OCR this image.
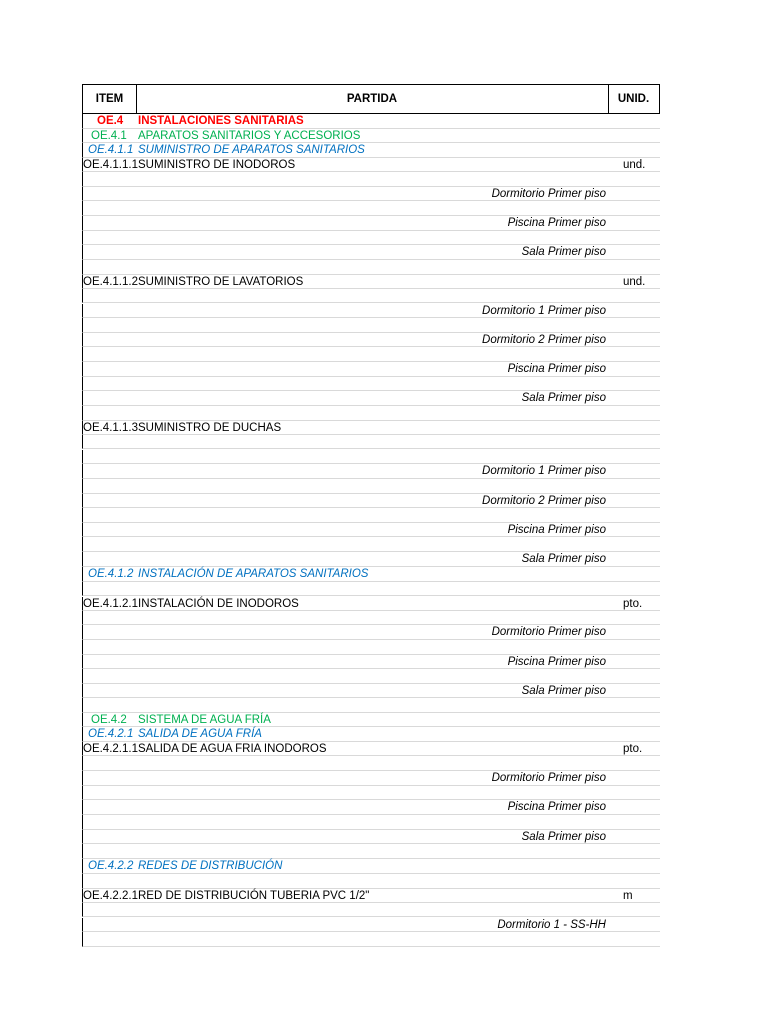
ITEM	PARTIDA	UNID.
OE.4 INSTALACIONES SANITARIAS
OE.4.1 APARATOS SANITARIOS Y ACCESORIOS
OE.4.1.1 SUMINISTRO DE APARATOS SANITARIOS
OE.4.1.1.1 SUMINISTRO DE INODOROS	und.
Dormitorio Primer piso
Piscina Primer piso
Sala Primer piso
OE.4.1.1.2 SUMINISTRO DE LAVATORIOS	und.
Dormitorio 1 Primer piso
Dormitorio 2 Primer piso
Piscina Primer piso
Sala Primer piso
OE.4.1.1.3 SUMINISTRO DE DUCHAS
Dormitorio 1 Primer piso
Dormitorio 2 Primer piso
Piscina Primer piso
Sala Primer piso
OE.4.1.2 INSTALACIÓN DE APARATOS SANITARIOS
OE.4.1.2.1 INSTALACIÓN DE INODOROS	pto.
Dormitorio Primer piso
Piscina Primer piso
Sala Primer piso
OE.4.2 SISTEMA DE AGUA FRÍA
OE.4.2.1 SALIDA DE AGUA FRÍA
OE.4.2.1.1 SALIDA DE AGUA FRIA INODOROS	pto.
Dormitorio Primer piso
Piscina Primer piso
Sala Primer piso
OE.4.2.2 REDES DE DISTRIBUCIÓN
OE.4.2.2.1 RED DE DISTRIBUCIÓN TUBERIA PVC 1/2"	m
Dormitorio 1 - SS-HH
